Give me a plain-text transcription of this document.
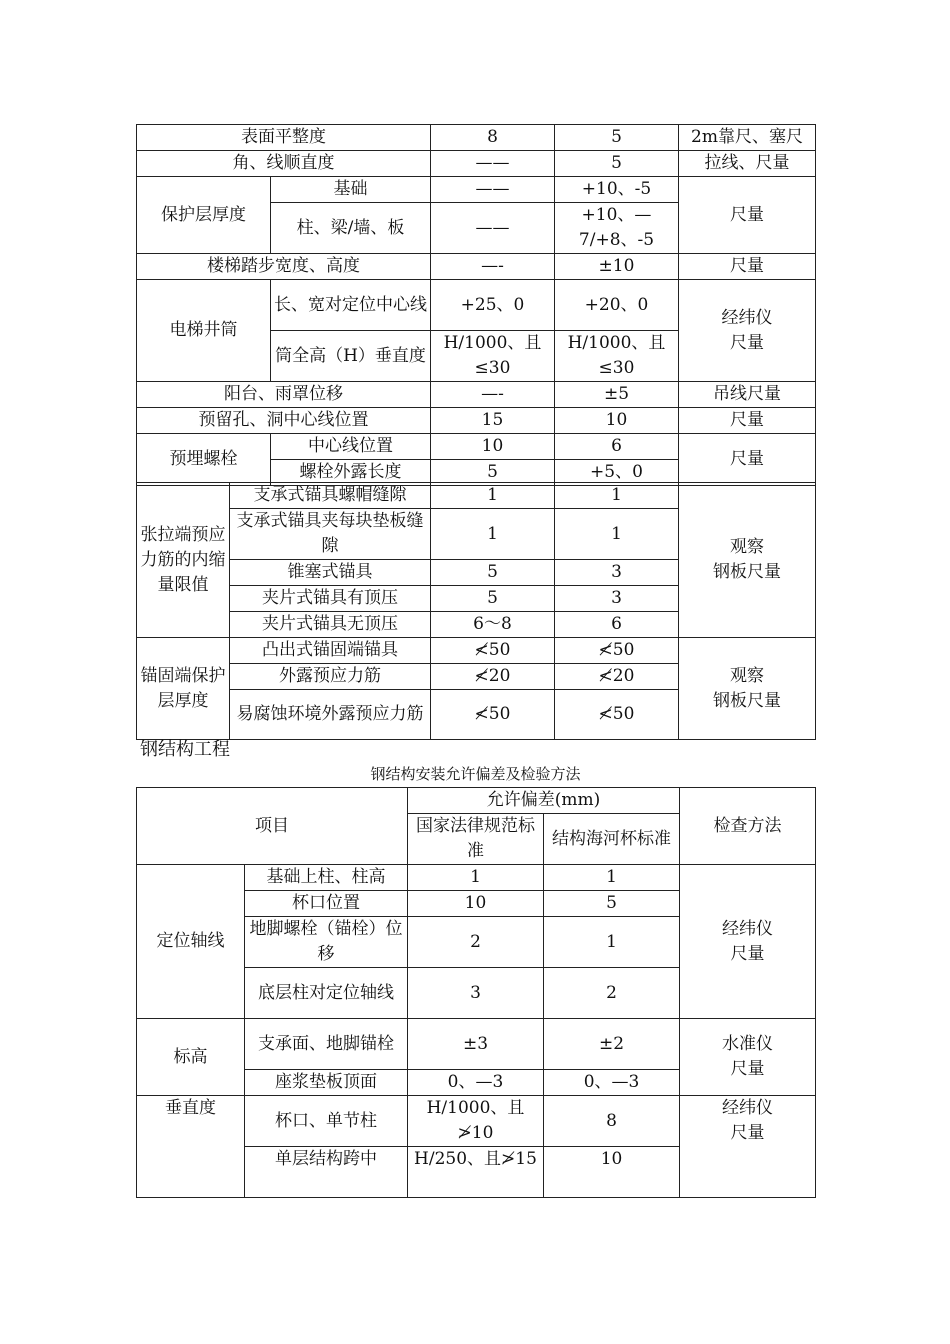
表面平整度		8	5	2m靠尺、塞尺
角、线顺直度		——	5	拉线、尺量
保护层厚度	基础	——	+10、-5	尺量
	柱、梁/墙、板	——	+10、—7/+8、-5	
楼梯踏步宽度、高度		—-	±10	尺量
电梯井筒	长、宽对定位中心线	+25、0	+20、0	经纬仪
尺量
	筒全高（H）垂直度	H/1000、且≤30	H/1000、且≤30	
阳台、雨罩位移		—-	±5	吊线尺量
预留孔、洞中心线位置		15	10	尺量
预埋螺栓	中心线位置	10	6	尺量
	螺栓外露长度	5	+5、0	
张拉端预应力筋的内缩量限值	支承式锚具螺帽缝隙	1	1	观察
钢板尺量
	支承式锚具夹每块垫板缝隙	1	1	
	锥塞式锚具	5	3	
	夹片式锚具有顶压	5	3	
	夹片式锚具无顶压	6～8	6	
锚固端保护层厚度	凸出式锚固端锚具	≮50	≮50	观察
钢板尺量
	外露预应力筋	≮20	≮20	
	易腐蚀环境外露预应力筋	≮50	≮50	
钢结构工程
钢结构安装允许偏差及检验方法
项目		允许偏差(mm)		检查方法
		国家法律规范标准	结构海河杯标准	
定位轴线	基础上柱、柱高	1	1	经纬仪
尺量
	杯口位置	10	5	
	地脚螺栓（锚栓）位移	2	1	
	底层柱对定位轴线	3	2	
标高	支承面、地脚锚栓	±3	±2	水准仪
尺量
	座浆垫板顶面	0、—3	0、—3	
垂直度	杯口、单节柱	H/1000、且≯10	8	经纬仪
尺量
	单层结构跨中	H/250、且≯15	10	
